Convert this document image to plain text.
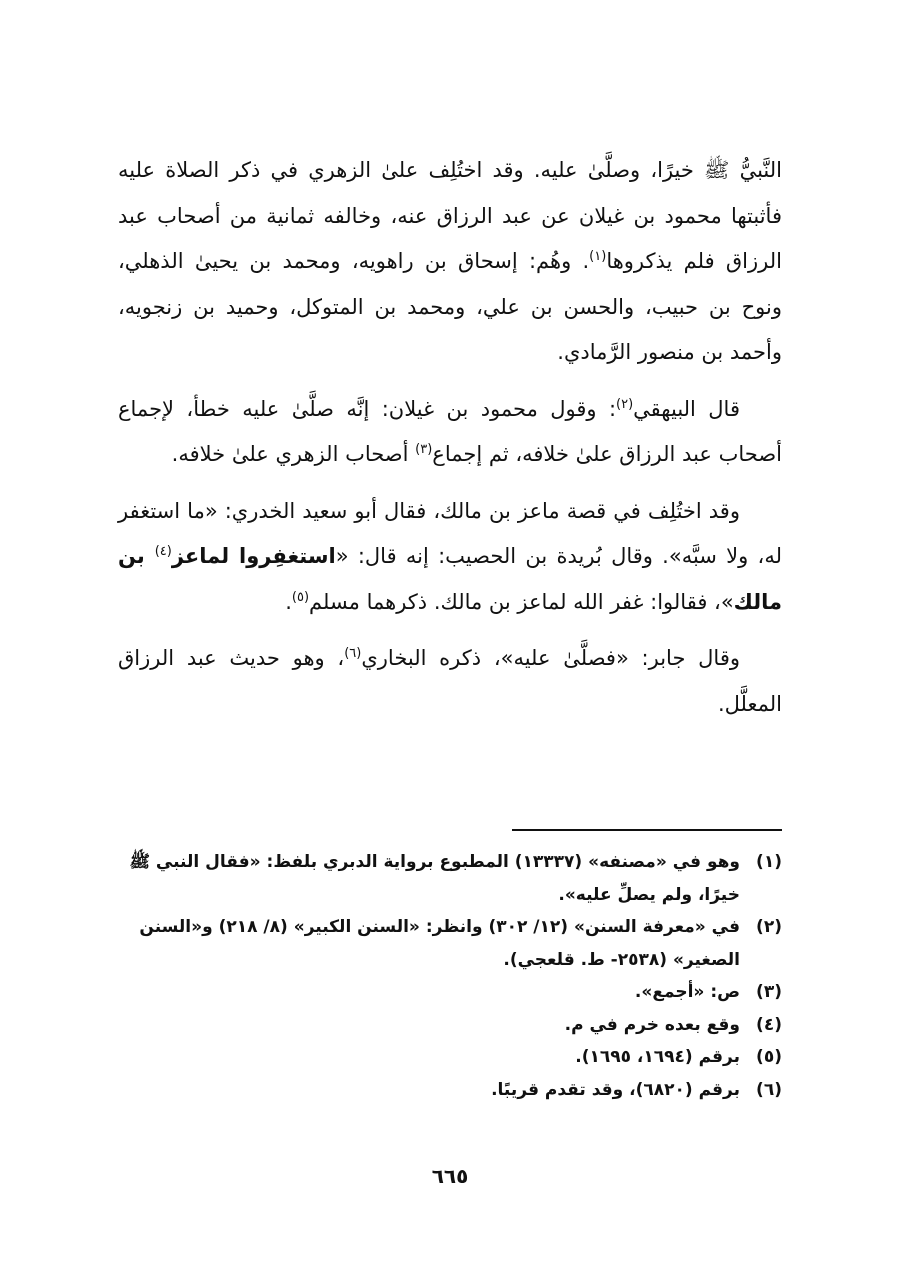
النَّبيُّ ﷺ خيرًا، وصلَّىٰ عليه. وقد اختُلِف علىٰ الزهري في ذكر الصلاة عليه فأثبتها محمود بن غيلان عن عبد الرزاق عنه، وخالفه ثمانية من أصحاب عبد الرزاق فلم يذكروها$^{(١)}$. وهُم: إسحاق بن راهويه، ومحمد بن يحيىٰ الذهلي، ونوح بن حبيب، والحسن بن علي، ومحمد بن المتوكل، وحميد بن زنجويه، وأحمد بن منصور الرَّمادي.

قال البيهقي$^{(٢)}$: وقول محمود بن غيلان: إنَّه صلَّىٰ عليه خطأ، لإجماع أصحاب عبد الرزاق علىٰ خلافه، ثم إجماع$^{(٣)}$ أصحاب الزهري علىٰ خلافه.

وقد اختُلِف في قصة ماعز بن مالك، فقال أبو سعيد الخدري: «ما استغفر له، ولا سبَّه». وقال بُريدة بن الحصيب: إنه قال: «استغفِروا لماعز$^{(٤)}$ بن مالك»، فقالوا: غفر الله لماعز بن مالك. ذكرهما مسلم$^{(٥)}$.

وقال جابر: «فصلَّىٰ عليه»، ذكره البخاري$^{(٦)}$، وهو حديث عبد الرزاق المعلَّل.

(١)
وهو في «مصنفه» (١٣٣٣٧) المطبوع برواية الدبري بلفظ: «فقال النبي ﷺ خيرًا، ولم يصلِّ عليه».
(٢)
في «معرفة السنن» (١٢/ ٣٠٢) وانظر: «السنن الكبير» (٨/ ٢١٨) و«السنن الصغير» (٢٥٣٨- ط. قلعجي).
(٣)
ص: «أجمع».
(٤)
وقع بعده خرم في م.
(٥)
برقم (١٦٩٤، ١٦٩٥).
(٦)
برقم (٦٨٢٠)، وقد تقدم قريبًا.
٦٦٥
